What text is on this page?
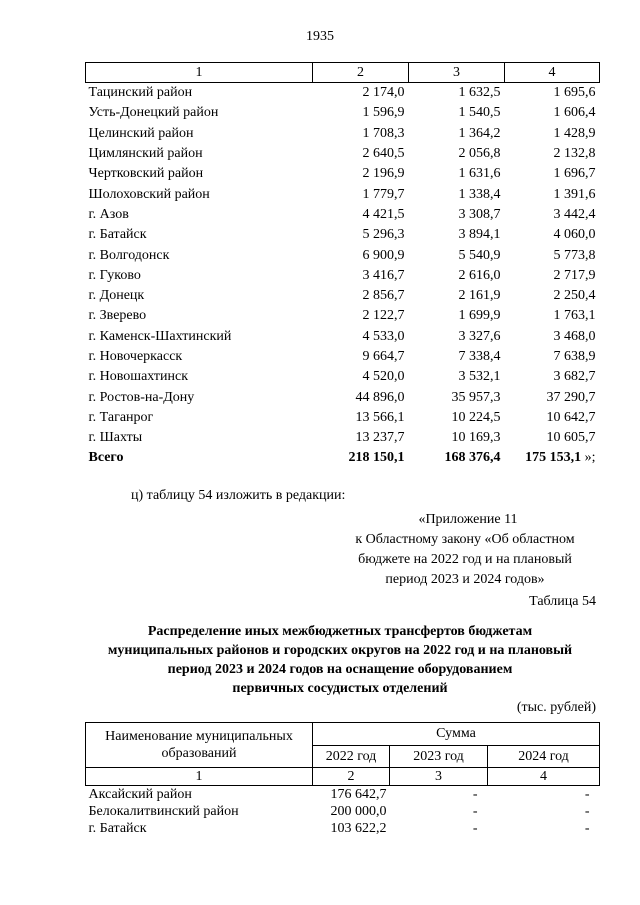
1935
1	2	3	4
Тацинский район	2 174,0	1 632,5	1 695,6
Усть-Донецкий район	1 596,9	1 540,5	1 606,4
Целинский район	1 708,3	1 364,2	1 428,9
Цимлянский район	2 640,5	2 056,8	2 132,8
Чертковский район	2 196,9	1 631,6	1 696,7
Шолоховский район	1 779,7	1 338,4	1 391,6
г. Азов	4 421,5	3 308,7	3 442,4
г. Батайск	5 296,3	3 894,1	4 060,0
г. Волгодонск	6 900,9	5 540,9	5 773,8
г. Гуково	3 416,7	2 616,0	2 717,9
г. Донецк	2 856,7	2 161,9	2 250,4
г. Зверево	2 122,7	1 699,9	1 763,1
г. Каменск-Шахтинский	4 533,0	3 327,6	3 468,0
г. Новочеркасск	9 664,7	7 338,4	7 638,9
г. Новошахтинск	4 520,0	3 532,1	3 682,7
г. Ростов-на-Дону	44 896,0	35 957,3	37 290,7
г. Таганрог	13 566,1	10 224,5	10 642,7
г. Шахты	13 237,7	10 169,3	10 605,7
Всего	218 150,1	168 376,4	175 153,1 »;
ц) таблицу 54 изложить в редакции:
«Приложение 11
к Областному закону «Об областном
бюджете на 2022 год и на плановый
период 2023 и 2024 годов»
Таблица 54
Распределение иных межбюджетных трансфертов бюджетам
муниципальных районов и городских округов на 2022 год и на плановый
период 2023 и 2024 годов на оснащение оборудованием
первичных сосудистых отделений
(тыс. рублей)
Наименование муниципальных образований	Сумма		
	2022 год	2023 год	2024 год
1	2	3	4
Аксайский район	176 642,7	-	-
Белокалитвинский район	200 000,0	-	-
г. Батайск	103 622,2	-	-
